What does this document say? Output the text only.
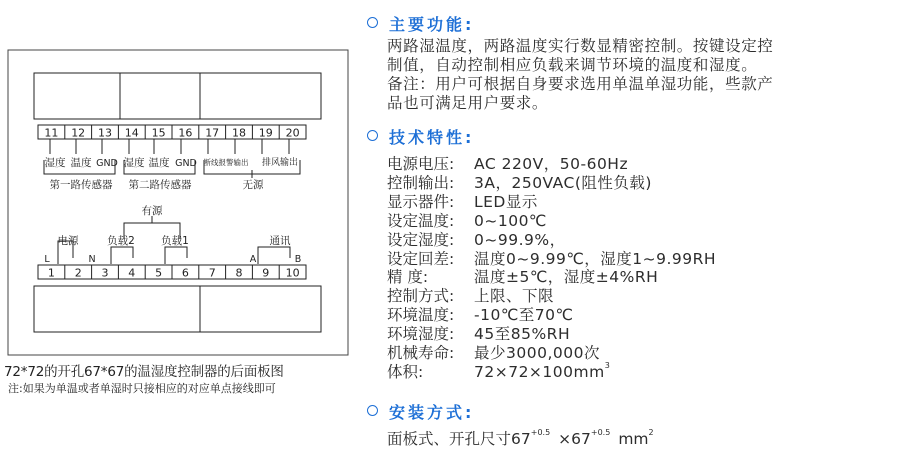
11 12 13 14 15 16 17 18 19 20
湿度 温度 GND 湿度 温度 GND 断线报警输出 排风输出
第一路传感器 第二路传感器	无源
有源
电源	负载2	负载1	通讯
L	N	A	B
1 2 3 4 5 6 7 8 9 10
72*72的开孔67*67的温湿度控制器的后面板图
注:如果为单温或者单湿时只接相应的对应单点接线即可
主要功能:
两路湿温度，两路温度实行数显精密控制。按键设定控
制值，自动控制相应负载来调节环境的温度和湿度。
备注：用户可根据自身要求选用单温单湿功能，些款产
品也可满足用户要求。
技术特性:
电源电压: AC 220V，50-60Hz
控制输出: 3A，250VAC(阻性负载)
显示器件: LED显示
设定温度: 0~100℃
设定湿度: 0~99.9%，
设定回差: 温度0~9.99℃，湿度1~9.99RH
精 度:	温度±5℃，湿度±4%RH
控制方式: 上限、下限
环境温度: -10℃至70℃
环境湿度: 45至85%RH
机械寿命: 最少3000,000次
体积:	$72\times 72\times 100mm^3$
安装方式:
面板式、开孔尺寸$67^{+0.5} \times 67^{+0.5}$ $mm^2$
